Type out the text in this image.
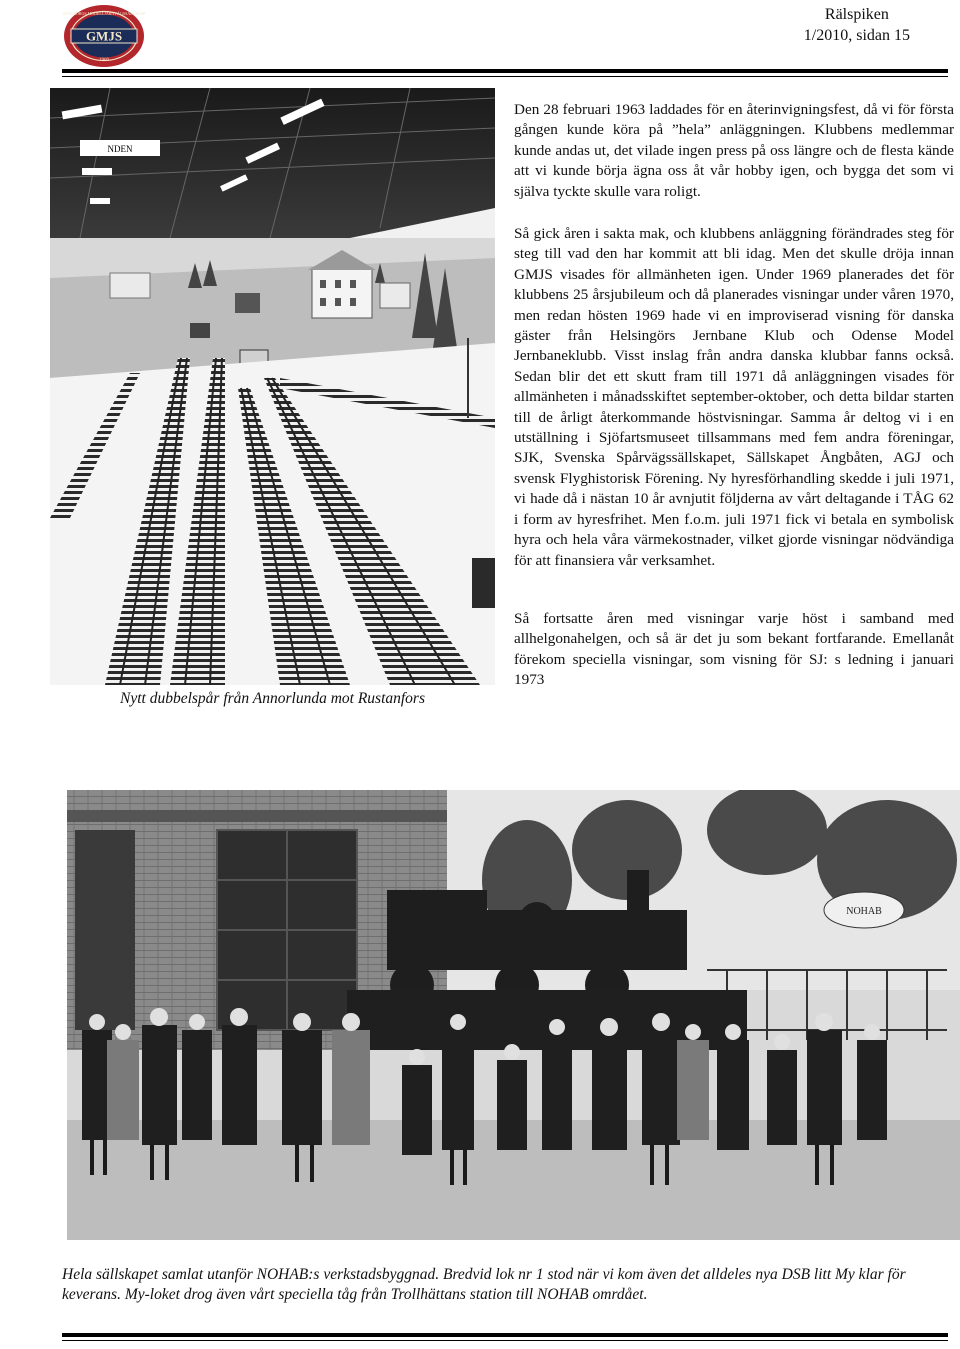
GMJS
GÖTEBORGS MODELLJÄRNVÄGSSÄLLSKAP
1960
Rälspiken
1/2010, sidan 15
NDEN
Nytt dubbelspår från Annorlunda mot Rustanfors

Den 28 februari 1963 laddades för en återinvigningsfest, då vi för första gången kunde köra på ”hela” anläggningen. Klubbens medlemmar kunde andas ut, det vilade ingen press på oss längre och de flesta kände att vi kunde börja ägna oss åt vår hobby igen, och bygga det som vi själva tyckte skulle vara roligt.

Så gick åren i sakta mak, och klubbens anläggning förändrades steg för steg till vad den har kommit att bli idag. Men det skulle dröja innan GMJS visades för allmänheten igen. Under 1969 planerades det för klubbens 25 årsjubileum och då planerades visningar under våren 1970, men redan hösten 1969 hade vi en improviserad visning för danska gäster från Helsingörs Jernbane Klub och Odense Model Jernbaneklubb. Visst inslag från andra danska klubbar fanns också. Sedan blir det ett skutt fram till 1971 då anläggningen visades för allmänheten i månadsskiftet september-oktober, och detta bildar starten till de årligt återkommande höstvisningar. Samma år deltog vi i en utställning i Sjöfartsmuseet tillsammans med fem andra föreningar, SJK, Svenska Spårvägssällskapet, Sällskapet Ångbåten, AGJ och svensk Flyghistorisk Förening. Ny hyresförhandling skedde i juli 1971, vi hade då i nästan 10 år avnjutit följderna av vårt deltagande i TÅG 62 i form av hyresfrihet. Men f.o.m. juli 1971 fick vi betala en symbolisk hyra och hela våra värmekostnader, vilket gjorde visningar nödvändiga för att finansiera vår verksamhet.

Så fortsatte åren med visningar varje höst i samband med allhelgonahelgen, och så är det ju som bekant fortfarande. Emellanåt förekom speciella visningar, som visning för SJ: s ledning i januari 1973

NOHAB
Hela sällskapet samlat utanför NOHAB:s verkstadsbyggnad. Bredvid lok nr 1 stod när vi kom även det alldeles nya DSB litt My klar för keverans. My-loket drog även vårt speciella tåg från Trollhättans station till NOHAB omrdået.
